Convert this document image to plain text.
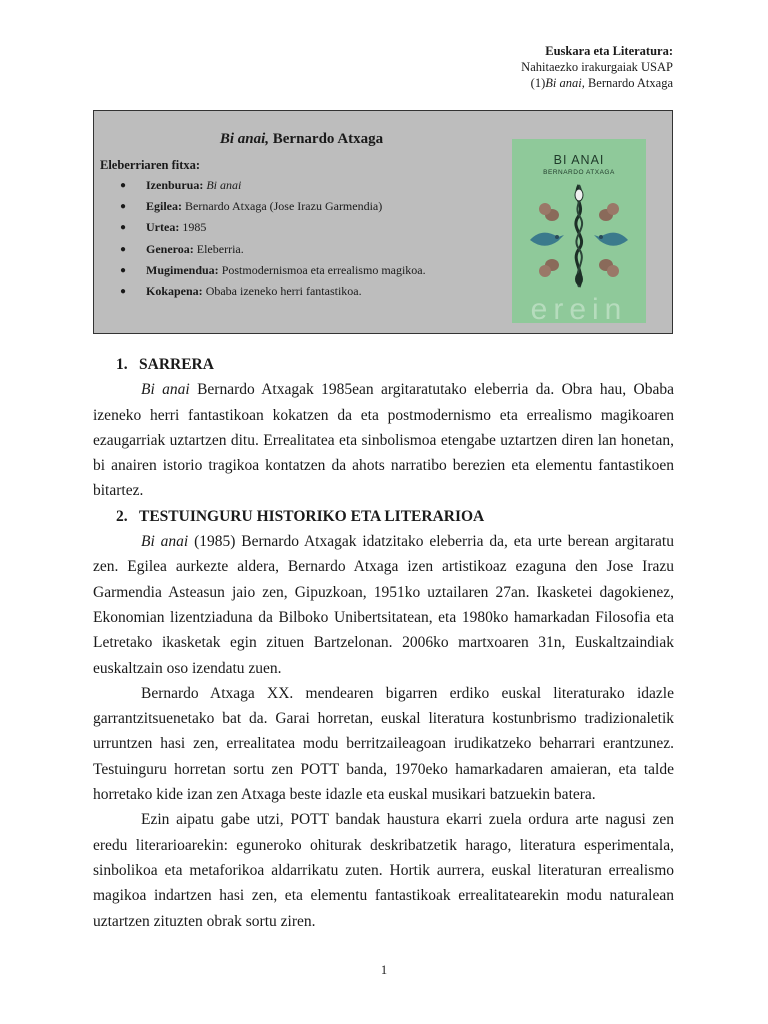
Euskara eta Literatura:
Nahitaezko irakurgaiak USAP
(1)Bi anai, Bernardo Atxaga
Bi anai, Bernardo Atxaga
Eleberriaren fitxa:
● Izenburua: Bi anai
● Egilea: Bernardo Atxaga (Jose Irazu Garmendia)
● Urtea: 1985
● Generoa: Eleberria.
● Mugimendua: Postmodernismoa eta errealismo magikoa.
● Kokapena: Obaba izeneko herri fantastikoa.
BI ANAI
BERNARDO ATXAGA
erein
1. SARRERA

Bi anai Bernardo Atxagak 1985ean argitaratutako eleberria da. Obra hau, Obaba izeneko herri fantastikoan kokatzen da eta postmodernismo eta errealismo magikoaren ezaugarriak uztartzen ditu. Errealitatea eta sinbolismoa etengabe uztartzen diren lan honetan, bi anairen istorio tragikoa kontatzen da ahots narratibo berezien eta elementu fantastikoen bitartez.

2. TESTUINGURU HISTORIKO ETA LITERARIOA

Bi anai (1985) Bernardo Atxagak idatzitako eleberria da, eta urte berean argitaratu zen. Egilea aurkezte aldera, Bernardo Atxaga izen artistikoaz ezaguna den Jose Irazu Garmendia Asteasun jaio zen, Gipuzkoan, 1951ko uztailaren 27an. Ikasketei dagokienez, Ekonomian lizentziaduna da Bilboko Unibertsitatean, eta 1980ko hamarkadan Filosofia eta Letretako ikasketak egin zituen Bartzelonan. 2006ko martxoaren 31n, Euskaltzaindiak euskaltzain oso izendatu zuen.

Bernardo Atxaga XX. mendearen bigarren erdiko euskal literaturako idazle garrantzitsuenetako bat da. Garai horretan, euskal literatura kostunbrismo tradizionaletik urruntzen hasi zen, errealitatea modu berritzaileagoan irudikatzeko beharrari erantzunez. Testuinguru horretan sortu zen POTT banda, 1970eko hamarkadaren amaieran, eta talde horretako kide izan zen Atxaga beste idazle eta euskal musikari batzuekin batera.

Ezin aipatu gabe utzi, POTT bandak haustura ekarri zuela ordura arte nagusi zen eredu literarioarekin: eguneroko ohiturak deskribatzetik harago, literatura esperimentala, sinbolikoa eta metaforikoa aldarrikatu zuten. Hortik aurrera, euskal literaturan errealismo magikoa indartzen hasi zen, eta elementu fantastikoak errealitatearekin modu naturalean uztartzen zituzten obrak sortu ziren.

1
